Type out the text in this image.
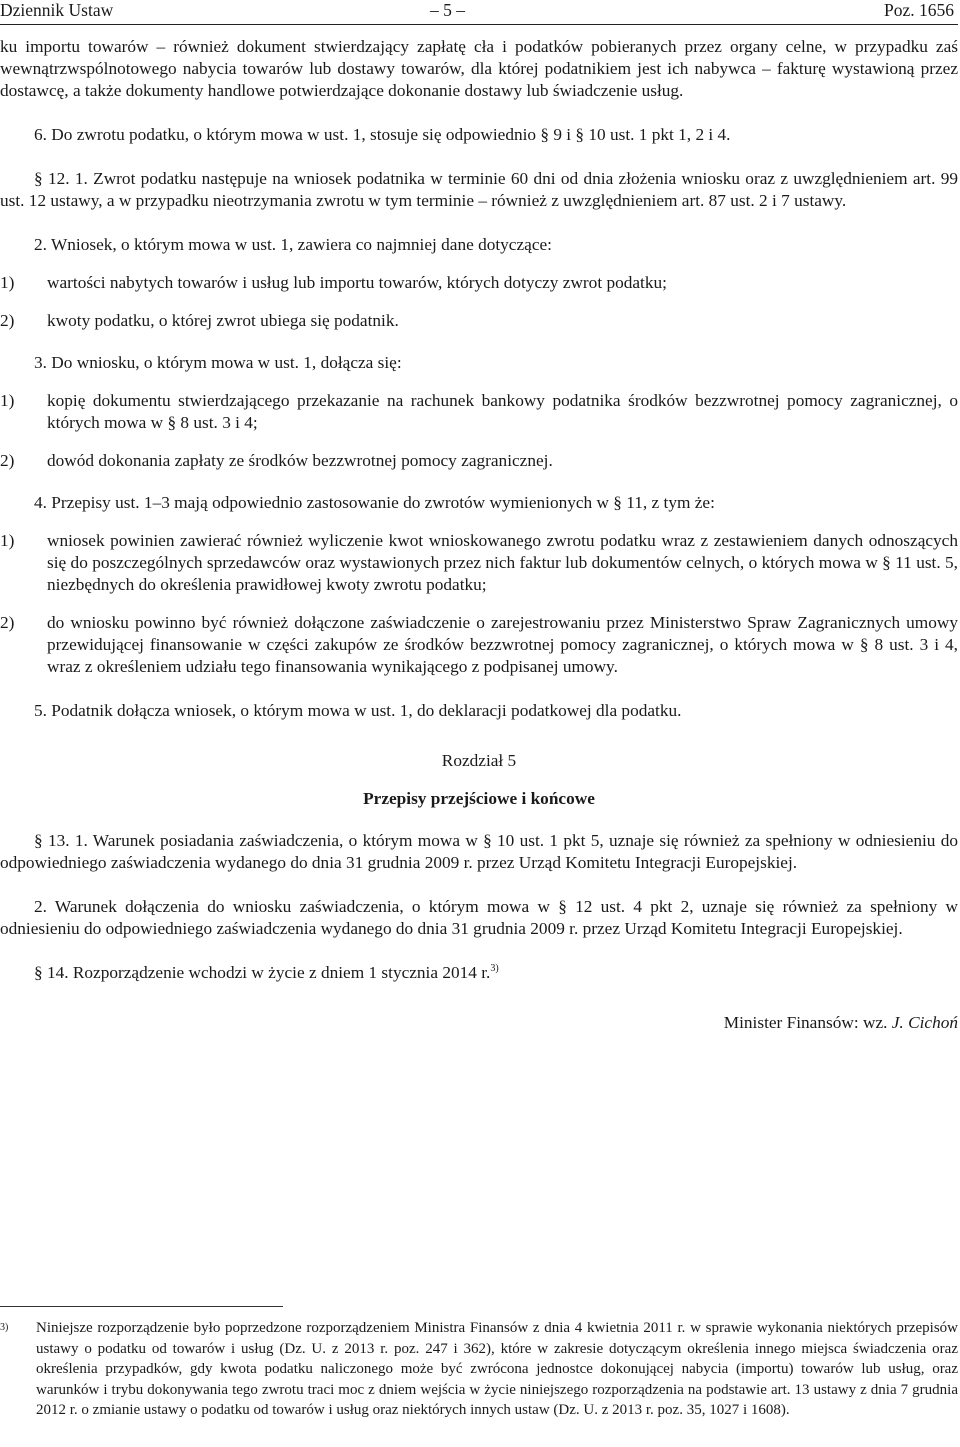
Dziennik Ustaw	– 5 –	Poz. 1656

ku importu towarów – również dokument stwierdzający zapłatę cła i podatków pobieranych przez organy celne, w przypadku zaś wewnątrzwspólnotowego nabycia towarów lub dostawy towarów, dla której podatnikiem jest ich nabywca – fakturę wystawioną przez dostawcę, a także dokumenty handlowe potwierdzające dokonanie dostawy lub świadczenie usług.

6. Do zwrotu podatku, o którym mowa w ust. 1, stosuje się odpowiednio § 9 i § 10 ust. 1 pkt 1, 2 i 4.

§ 12. 1. Zwrot podatku następuje na wniosek podatnika w terminie 60 dni od dnia złożenia wniosku oraz z uwzględnieniem art. 99 ust. 12 ustawy, a w przypadku nieotrzymania zwrotu w tym terminie – również z uwzględnieniem art. 87 ust. 2 i 7 ustawy.

2. Wniosek, o którym mowa w ust. 1, zawiera co najmniej dane dotyczące:

1)	wartości nabytych towarów i usług lub importu towarów, których dotyczy zwrot podatku;
2)	kwoty podatku, o której zwrot ubiega się podatnik.

3. Do wniosku, o którym mowa w ust. 1, dołącza się:

1)	kopię dokumentu stwierdzającego przekazanie na rachunek bankowy podatnika środków bezzwrotnej pomocy zagranicznej, o których mowa w § 8 ust. 3 i 4;
2)	dowód dokonania zapłaty ze środków bezzwrotnej pomocy zagranicznej.

4. Przepisy ust. 1–3 mają odpowiednio zastosowanie do zwrotów wymienionych w § 11, z tym że:

1)	wniosek powinien zawierać również wyliczenie kwot wnioskowanego zwrotu podatku wraz z zestawieniem danych odnoszących się do poszczególnych sprzedawców oraz wystawionych przez nich faktur lub dokumentów celnych, o których mowa w § 11 ust. 5, niezbędnych do określenia prawidłowej kwoty zwrotu podatku;
2)	do wniosku powinno być również dołączone zaświadczenie o zarejestrowaniu przez Ministerstwo Spraw Zagranicznych umowy przewidującej finansowanie w części zakupów ze środków bezzwrotnej pomocy zagranicznej, o których mowa w § 8 ust. 3 i 4, wraz z określeniem udziału tego finansowania wynikającego z podpisanej umowy.

5. Podatnik dołącza wniosek, o którym mowa w ust. 1, do deklaracji podatkowej dla podatku.

Rozdział 5

Przepisy przejściowe i końcowe

§ 13. 1. Warunek posiadania zaświadczenia, o którym mowa w § 10 ust. 1 pkt 5, uznaje się również za spełniony w odniesieniu do odpowiedniego zaświadczenia wydanego do dnia 31 grudnia 2009 r. przez Urząd Komitetu Integracji Europejskiej.

2. Warunek dołączenia do wniosku zaświadczenia, o którym mowa w § 12 ust. 4 pkt 2, uznaje się również za spełniony w odniesieniu do odpowiedniego zaświadczenia wydanego do dnia 31 grudnia 2009 r. przez Urząd Komitetu Integracji Europejskiej.

§ 14. Rozporządzenie wchodzi w życie z dniem 1 stycznia 2014 r.$^{3)}$

Minister Finansów: wz. J. Cichoń

3)	Niniejsze rozporządzenie było poprzedzone rozporządzeniem Ministra Finansów z dnia 4 kwietnia 2011 r. w sprawie wykonania niektórych przepisów ustawy o podatku od towarów i usług (Dz. U. z 2013 r. poz. 247 i 362), które w zakresie dotyczącym określenia innego miejsca świadczenia oraz określenia przypadków, gdy kwota podatku naliczonego może być zwrócona jednostce dokonującej nabycia (importu) towarów lub usług, oraz warunków i trybu dokonywania tego zwrotu traci moc z dniem wejścia w życie niniejszego rozporządzenia na podstawie art. 13 ustawy z dnia 7 grudnia 2012 r. o zmianie ustawy o podatku od towarów i usług oraz niektórych innych ustaw (Dz. U. z 2013 r. poz. 35, 1027 i 1608).
